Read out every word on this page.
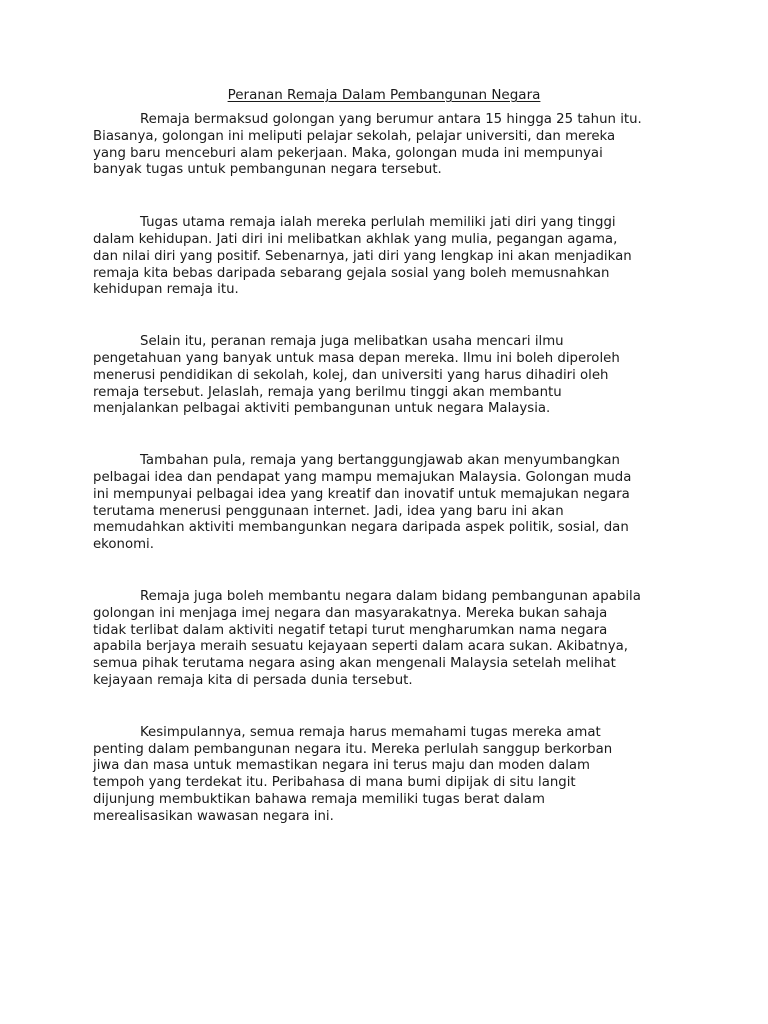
Peranan Remaja Dalam Pembangunan Negara

Remaja bermaksud golongan yang berumur antara 15 hingga 25 tahun itu.
Biasanya, golongan ini meliputi pelajar sekolah, pelajar universiti, dan mereka
yang baru menceburi alam pekerjaan. Maka, golongan muda ini mempunyai
banyak tugas untuk pembangunan negara tersebut.

Tugas utama remaja ialah mereka perlulah memiliki jati diri yang tinggi
dalam kehidupan. Jati diri ini melibatkan akhlak yang mulia, pegangan agama,
dan nilai diri yang positif. Sebenarnya, jati diri yang lengkap ini akan menjadikan
remaja kita bebas daripada sebarang gejala sosial yang boleh memusnahkan
kehidupan remaja itu.

Selain itu, peranan remaja juga melibatkan usaha mencari ilmu
pengetahuan yang banyak untuk masa depan mereka. Ilmu ini boleh diperoleh
menerusi pendidikan di sekolah, kolej, dan universiti yang harus dihadiri oleh
remaja tersebut. Jelaslah, remaja yang berilmu tinggi akan membantu
menjalankan pelbagai aktiviti pembangunan untuk negara Malaysia.

Tambahan pula, remaja yang bertanggungjawab akan menyumbangkan
pelbagai idea dan pendapat yang mampu memajukan Malaysia. Golongan muda
ini mempunyai pelbagai idea yang kreatif dan inovatif untuk memajukan negara
terutama menerusi penggunaan internet. Jadi, idea yang baru ini akan
memudahkan aktiviti membangunkan negara daripada aspek politik, sosial, dan
ekonomi.

Remaja juga boleh membantu negara dalam bidang pembangunan apabila
golongan ini menjaga imej negara dan masyarakatnya. Mereka bukan sahaja
tidak terlibat dalam aktiviti negatif tetapi turut mengharumkan nama negara
apabila berjaya meraih sesuatu kejayaan seperti dalam acara sukan. Akibatnya,
semua pihak terutama negara asing akan mengenali Malaysia setelah melihat
kejayaan remaja kita di persada dunia tersebut.

Kesimpulannya, semua remaja harus memahami tugas mereka amat
penting dalam pembangunan negara itu. Mereka perlulah sanggup berkorban
jiwa dan masa untuk memastikan negara ini terus maju dan moden dalam
tempoh yang terdekat itu. Peribahasa di mana bumi dipijak di situ langit
dijunjung membuktikan bahawa remaja memiliki tugas berat dalam
merealisasikan wawasan negara ini.
